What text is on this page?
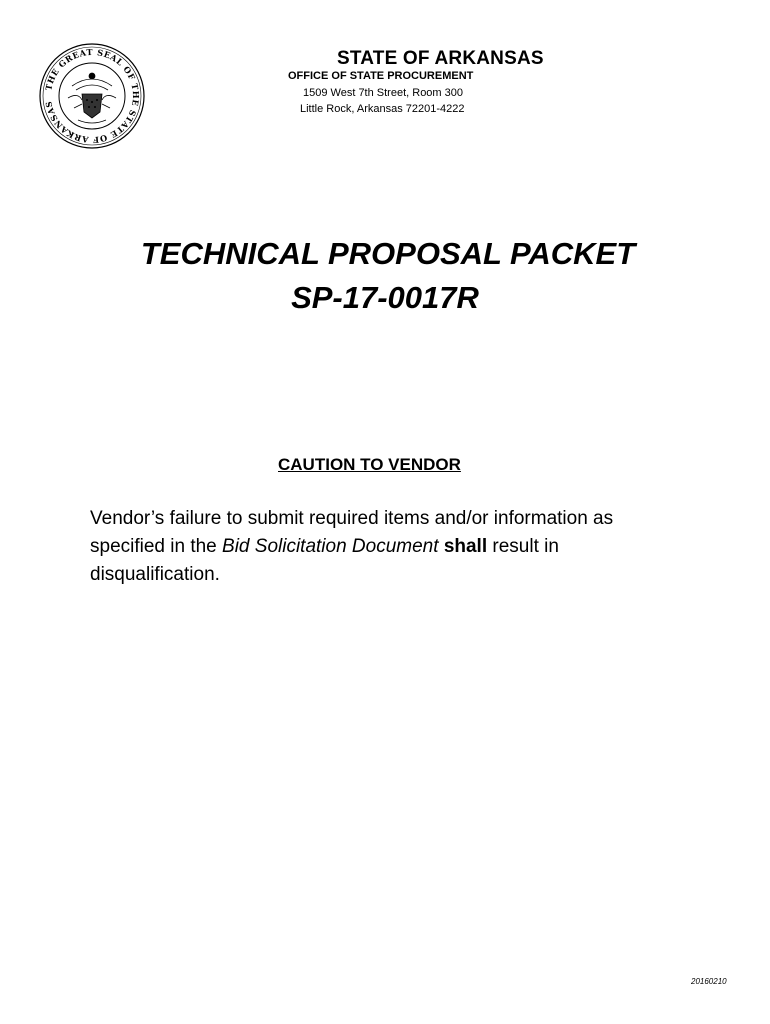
THE GREAT SEAL OF THE STATE OF ARKANSAS
STATE OF ARKANSAS
OFFICE OF STATE PROCUREMENT
1509 West 7th Street, Room 300
Little Rock, Arkansas 72201-4222
TECHNICAL PROPOSAL PACKET
SP-17-0017R
CAUTION TO VENDOR
Vendor’s failure to submit required items and/or information as
specified in the Bid Solicitation Document shall result in
disqualification.
20160210
